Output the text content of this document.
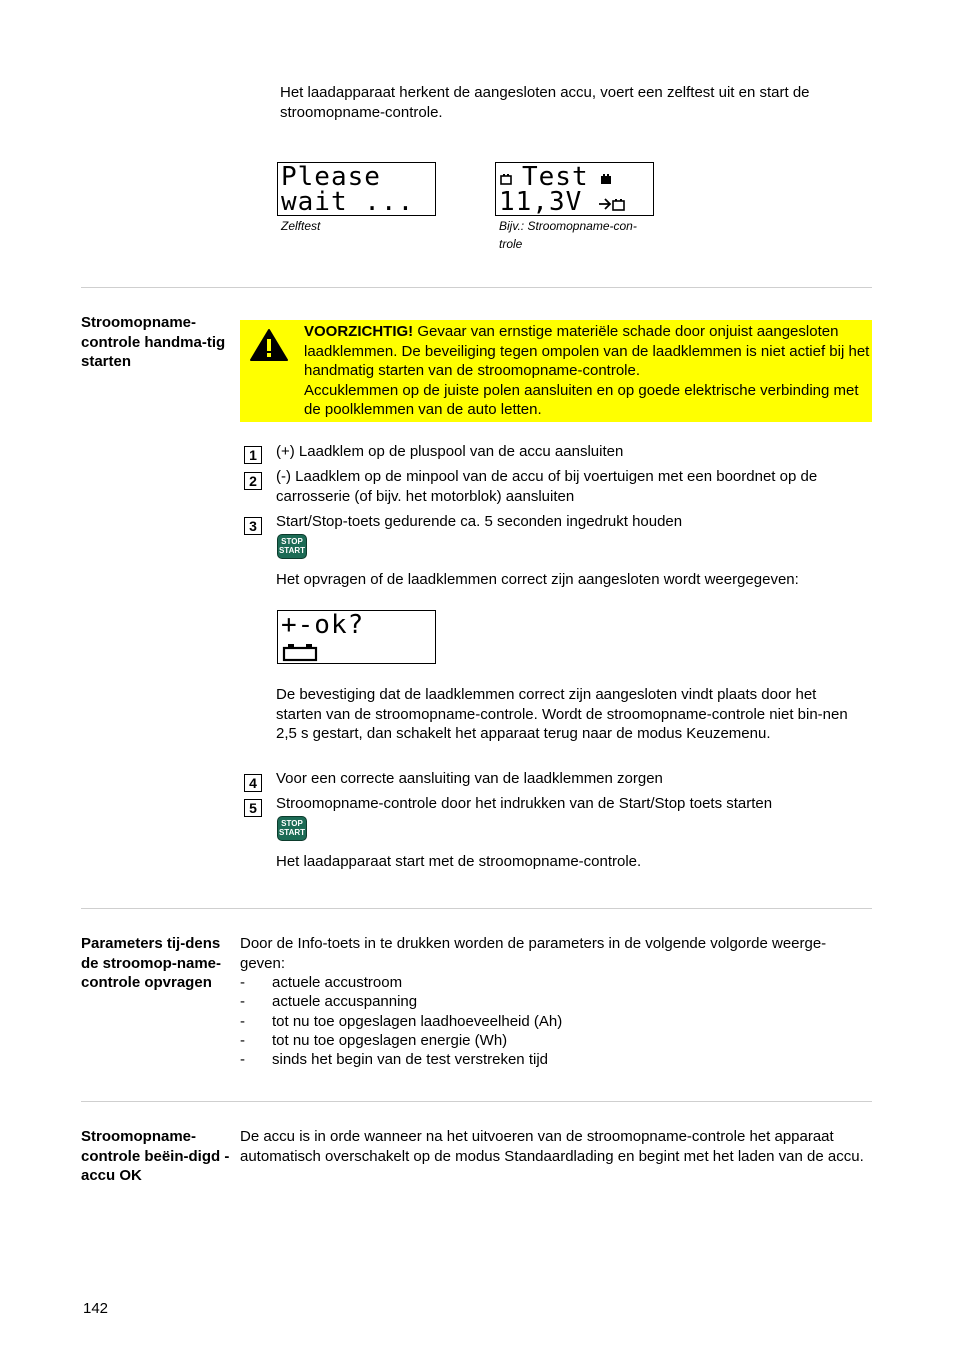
Het laadapparaat herkent de aangesloten accu, voert een zelftest uit en start de stroomopname-controle.
Please
wait ...
Zelftest
Test
11,3V
Bijv.: Stroomopname-con-trole
Stroomopname-controle handma-tig starten
VOORZICHTIG! Gevaar van ernstige materiële schade door onjuist aangesloten laadklemmen. De beveiliging tegen ompolen van de laadklemmen is niet actief bij het handmatig starten van de stroomopname-controle.
Accuklemmen op de juiste polen aansluiten en op goede elektrische verbinding met de poolklemmen van de auto letten.
1	(+) Laadklem op de pluspool van de accu aansluiten
2	(-) Laadklem op de minpool van de accu of bij voertuigen met een boordnet op de carrosserie (of bijv. het motorblok) aansluiten
3	Start/Stop-toets gedurende ca. 5 seconden ingedrukt houden
STOP
START
Het opvragen of de laadklemmen correct zijn aangesloten wordt weergegeven:
+-ok?
De bevestiging dat de laadklemmen correct zijn aangesloten vindt plaats door het starten van de stroomopname-controle. Wordt de stroomopname-controle niet bin-nen 2,5 s gestart, dan schakelt het apparaat terug naar de modus Keuzemenu.
4	Voor een correcte aansluiting van de laadklemmen zorgen
5	Stroomopname-controle door het indrukken van de Start/Stop toets starten
STOP
START
Het laadapparaat start met de stroomopname-controle.
Parameters tij-dens de stroomop-name-controle opvragen
Door de Info-toets in te drukken worden de parameters in de volgende volgorde weerge-geven:
- actuele accustroom
- actuele accuspanning
- tot nu toe opgeslagen laadhoeveelheid (Ah)
- tot nu toe opgeslagen energie (Wh)
- sinds het begin van de test verstreken tijd
Stroomopname-controle beëin-digd - accu OK
De accu is in orde wanneer na het uitvoeren van de stroomopname-controle het apparaat automatisch overschakelt op de modus Standaardlading en begint met het laden van de accu.
142
